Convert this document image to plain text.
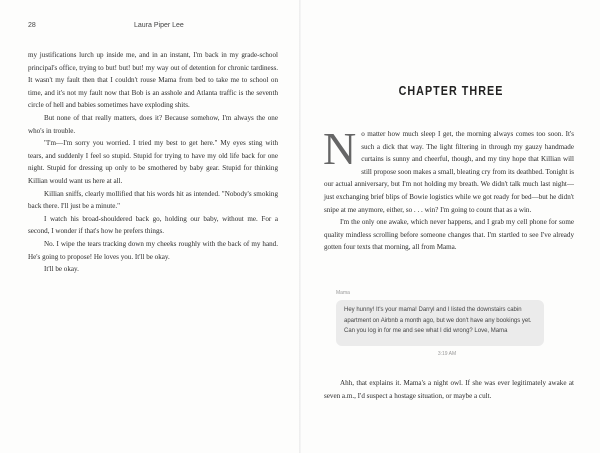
28	Laura Piper Lee

my justifications lurch up inside me, and in an instant, I'm back in my grade-school principal's office, trying to but! but! but! my way out of detention for chronic tardiness. It wasn't my fault then that I couldn't rouse Mama from bed to take me to school on time, and it's not my fault now that Bob is an asshole and Atlanta traffic is the seventh circle of hell and babies sometimes have exploding shits.

But none of that really matters, does it? Because somehow, I'm always the one who's in trouble.

"I'm—I'm sorry you worried. I tried my best to get here." My eyes sting with tears, and suddenly I feel so stupid. Stupid for trying to have my old life back for one night. Stupid for dressing up only to be smothered by baby gear. Stupid for thinking Killian would want us here at all.

Killian sniffs, clearly mollified that his words hit as intended. "Nobody's smoking back there. I'll just be a minute."

I watch his broad-shouldered back go, holding our baby, without me. For a second, I wonder if that's how he prefers things.

No. I wipe the tears tracking down my cheeks roughly with the back of my hand. He's going to propose! He loves you. It'll be okay.

It'll be okay.

CHAPTER THREE

No matter how much sleep I get, the morning always comes too soon. It's such a dick that way. The light filtering in through my gauzy handmade curtains is sunny and cheerful, though, and my tiny hope that Killian will still propose soon makes a small, bleating cry from its deathbed. Tonight is our actual anniversary, but I'm not holding my breath. We didn't talk much last night—just exchanging brief blips of Bowie logistics while we got ready for bed—but he didn't snipe at me anymore, either, so . . . win? I'm going to count that as a win.

I'm the only one awake, which never happens, and I grab my cell phone for some quality mindless scrolling before someone changes that. I'm startled to see I've already gotten four texts that morning, all from Mama.

Mama
Hey hunny! It's your mama! Darryl and I listed the downstairs cabin apartment on Airbnb a month ago, but we don't have any bookings yet. Can you log in for me and see what I did wrong? Love, Mama
3:19 AM

Ahh, that explains it. Mama's a night owl. If she was ever legitimately awake at seven a.m., I'd suspect a hostage situation, or maybe a cult.
